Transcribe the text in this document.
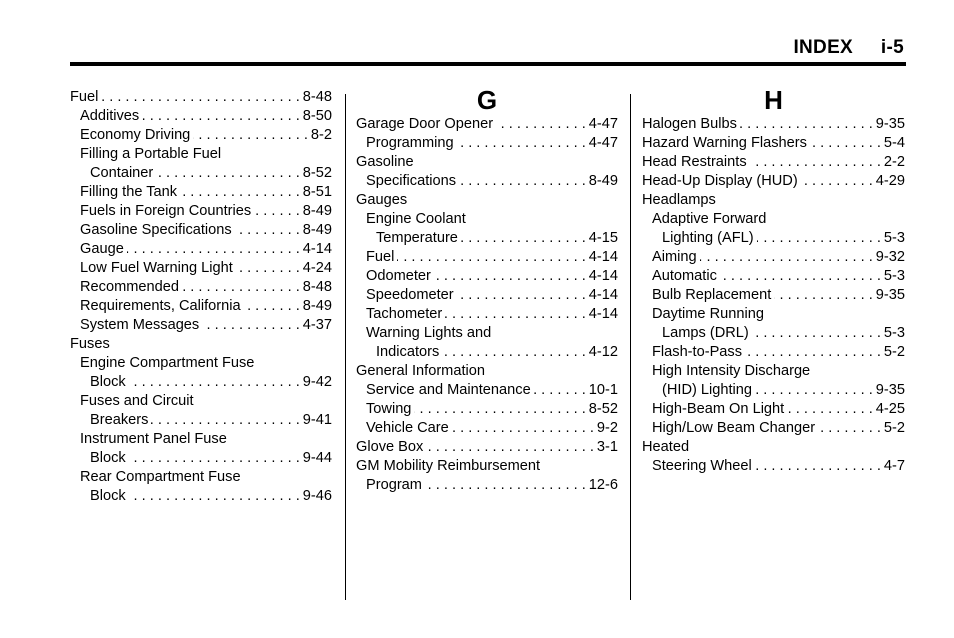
INDEX     i-5
Fuel . . .	8-48
Additives . . .	8-50
Economy Driving . . .	8-2
Filling a Portable Fuel
Container . . .	8-52
Filling the Tank . . .	8-51
Fuels in Foreign Countries . . .	8-49
Gasoline Specifications . . .	8-49
Gauge . . .	4-14
Low Fuel Warning Light . . .	4-24
Recommended . . .	8-48
Requirements, California . . .	8-49
System Messages . . .	4-37
Fuses
Engine Compartment Fuse
Block . . .	9-42
Fuses and Circuit
Breakers . . .	9-41
Instrument Panel Fuse
Block . . .	9-44
Rear Compartment Fuse
Block . . .	9-46
G
Garage Door Opener . . .	4-47
Programming . . .	4-47
Gasoline
Specifications . . .	8-49
Gauges
Engine Coolant
Temperature . . .	4-15
Fuel . . .	4-14
Odometer . . .	4-14
Speedometer . . .	4-14
Tachometer . . .	4-14
Warning Lights and
Indicators . . .	4-12
General Information
Service and Maintenance . . .	10-1
Towing . . .	8-52
Vehicle Care . . .	9-2
Glove Box . . .	3-1
GM Mobility Reimbursement
Program . . .	12-6
H
Halogen Bulbs . . .	9-35
Hazard Warning Flashers . . .	5-4
Head Restraints . . .	2-2
Head-Up Display (HUD) . . .	4-29
Headlamps
Adaptive Forward
Lighting (AFL) . . .	5-3
Aiming . . .	9-32
Automatic . . .	5-3
Bulb Replacement . . .	9-35
Daytime Running
Lamps (DRL) . . .	5-3
Flash-to-Pass . . .	5-2
High Intensity Discharge
(HID) Lighting . . .	9-35
High-Beam On Light . . .	4-25
High/Low Beam Changer . . .	5-2
Heated
Steering Wheel . . .	4-7
